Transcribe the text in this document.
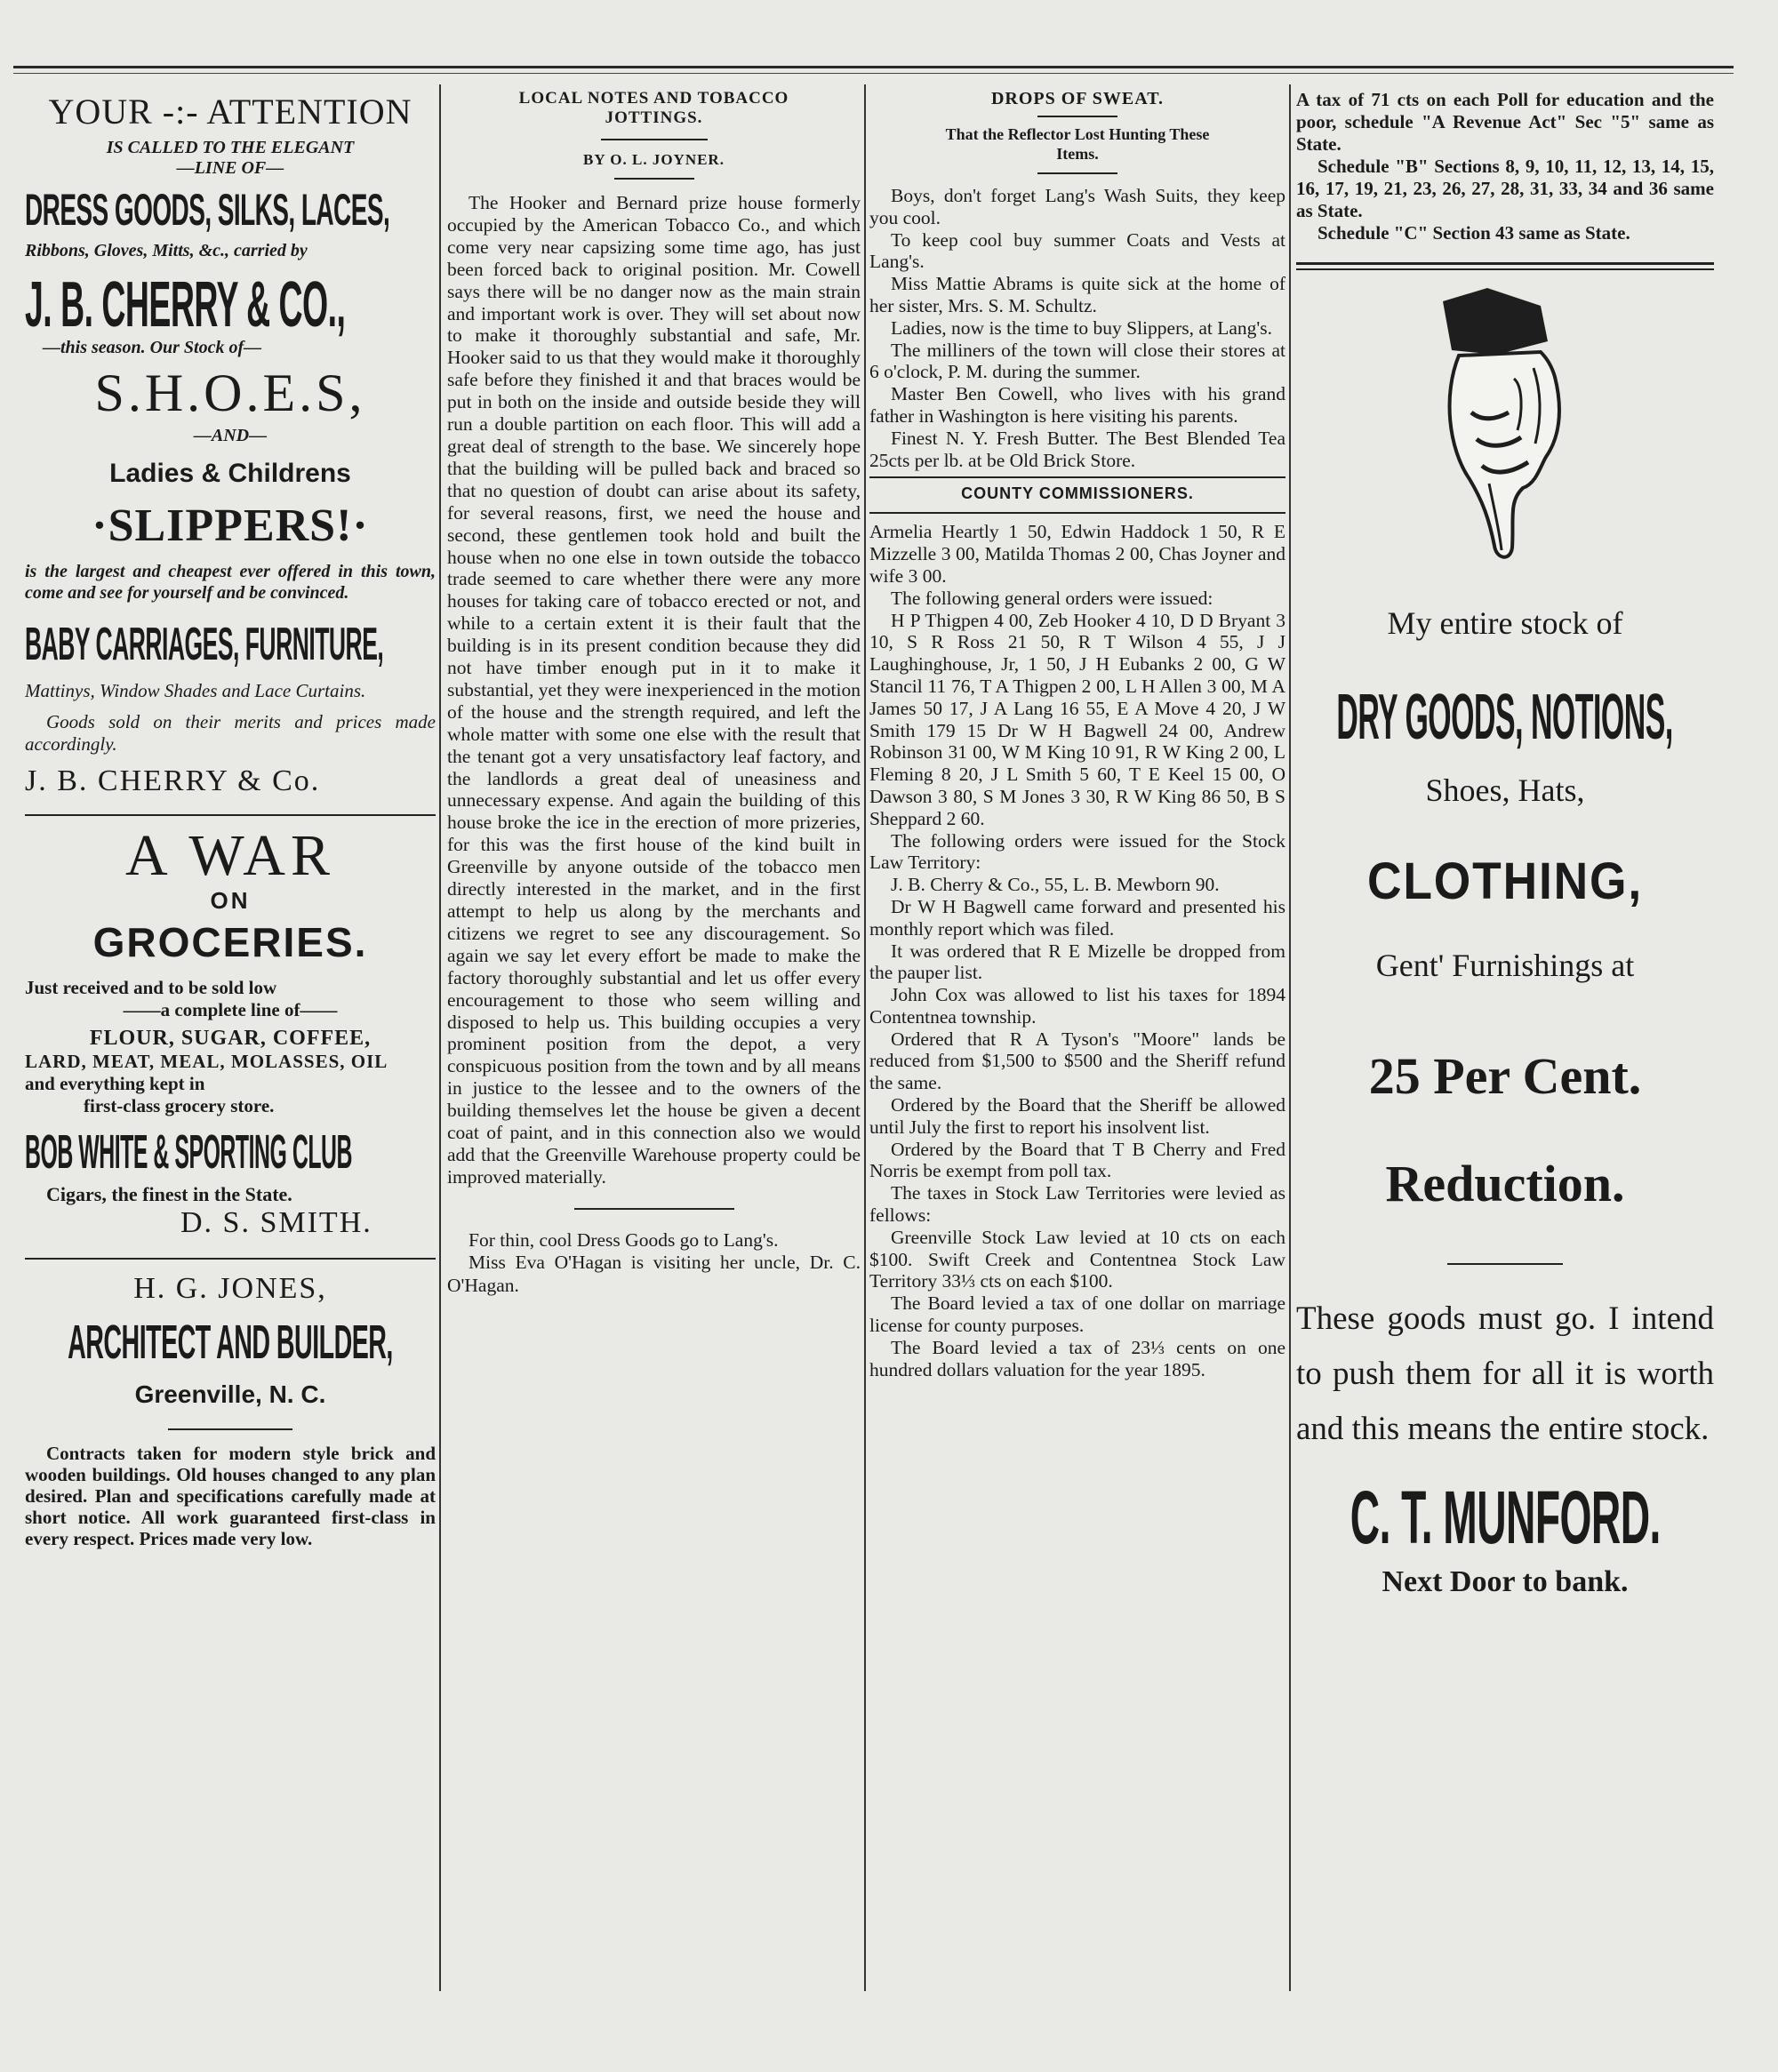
YOUR -:- ATTENTION
IS CALLED TO THE ELEGANT
—LINE OF—
DRESS GOODS, SILKS, LACES,
Ribbons, Gloves, Mitts, &c., carried by
J. B. CHERRY & CO.,
—this season. Our Stock of—
S.H.O.E.S,
—AND—
Ladies & Childrens
·SLIPPERS!·
is the largest and cheapest ever offered in this town, come and see for yourself and be convinced.
BABY CARRIAGES, FURNITURE,
Mattinys, Window Shades and Lace Curtains.
Goods sold on their merits and prices made accordingly.
J. B. CHERRY & Co.
A WAR
ON
GROCERIES.
Just received and to be sold low
——a complete line of——
FLOUR, SUGAR, COFFEE,
LARD, MEAT, MEAL, MOLASSES, OIL
and everything kept in
first-class grocery store.
BOB WHITE & SPORTING CLUB
Cigars, the finest in the State.
D. S. SMITH.
H. G. JONES,
ARCHITECT AND BUILDER,
Greenville, N. C.
Contracts taken for modern style brick and wooden buildings. Old houses changed to any plan desired. Plan and specifications carefully made at short notice. All work guaranteed first-class in every respect. Prices made very low.
LOCAL NOTES AND TOBACCO JOTTINGS.
BY O. L. JOYNER.

The Hooker and Bernard prize house formerly occupied by the American Tobacco Co., and which come very near capsizing some time ago, has just been forced back to original position. Mr. Cowell says there will be no danger now as the main strain and important work is over. They will set about now to make it thoroughly substantial and safe, Mr. Hooker said to us that they would make it thoroughly safe before they finished it and that braces would be put in both on the inside and outside beside they will run a double partition on each floor. This will add a great deal of strength to the base. We sincerely hope that the building will be pulled back and braced so that no question of doubt can arise about its safety, for several reasons, first, we need the house and second, these gentlemen took hold and built the house when no one else in town outside the tobacco trade seemed to care whether there were any more houses for taking care of tobacco erected or not, and while to a certain extent it is their fault that the building is in its present condition because they did not have timber enough put in it to make it substantial, yet they were inexperienced in the motion of the house and the strength required, and left the whole matter with some one else with the result that the tenant got a very unsatisfactory leaf factory, and the landlords a great deal of uneasiness and unnecessary expense. And again the building of this house broke the ice in the erection of more prizeries, for this was the first house of the kind built in Greenville by anyone outside of the tobacco men directly interested in the market, and in the first attempt to help us along by the merchants and citizens we regret to see any discouragement. So again we say let every effort be made to make the factory thoroughly substantial and let us offer every encouragement to those who seem willing and disposed to help us. This building occupies a very prominent position from the depot, a very conspicuous position from the town and by all means in justice to the lessee and to the owners of the building themselves let the house be given a decent coat of paint, and in this connection also we would add that the Greenville Warehouse property could be improved materially.

For thin, cool Dress Goods go to Lang's.

Miss Eva O'Hagan is visiting her uncle, Dr. C. O'Hagan.

DROPS OF SWEAT.
That the Reflector Lost Hunting These Items.

Boys, don't forget Lang's Wash Suits, they keep you cool.

To keep cool buy summer Coats and Vests at Lang's.

Miss Mattie Abrams is quite sick at the home of her sister, Mrs. S. M. Schultz.

Ladies, now is the time to buy Slippers, at Lang's.

The milliners of the town will close their stores at 6 o'clock, P. M. during the summer.

Master Ben Cowell, who lives with his grand father in Washington is here visiting his parents.

Finest N. Y. Fresh Butter. The Best Blended Tea 25cts per lb. at be Old Brick Store.

COUNTY COMMISSIONERS.

Armelia Heartly 1 50, Edwin Haddock 1 50, R E Mizzelle 3 00, Matilda Thomas 2 00, Chas Joyner and wife 3 00.

The following general orders were issued:

H P Thigpen 4 00, Zeb Hooker 4 10, D D Bryant 3 10, S R Ross 21 50, R T Wilson 4 55, J J Laughinghouse, Jr, 1 50, J H Eubanks 2 00, G W Stancil 11 76, T A Thigpen 2 00, L H Allen 3 00, M A James 50 17, J A Lang 16 55, E A Move 4 20, J W Smith 179 15 Dr W H Bagwell 24 00, Andrew Robinson 31 00, W M King 10 91, R W King 2 00, L Fleming 8 20, J L Smith 5 60, T E Keel 15 00, O Dawson 3 80, S M Jones 3 30, R W King 86 50, B S Sheppard 2 60.

The following orders were issued for the Stock Law Territory:

J. B. Cherry & Co., 55, L. B. Mewborn 90.

Dr W H Bagwell came forward and presented his monthly report which was filed.

It was ordered that R E Mizelle be dropped from the pauper list.

John Cox was allowed to list his taxes for 1894 Contentnea township.

Ordered that R A Tyson's "Moore" lands be reduced from $1,500 to $500 and the Sheriff refund the same.

Ordered by the Board that the Sheriff be allowed until July the first to report his insolvent list.

Ordered by the Board that T B Cherry and Fred Norris be exempt from poll tax.

The taxes in Stock Law Territories were levied as fellows:

Greenville Stock Law levied at 10 cts on each $100. Swift Creek and Contentnea Stock Law Territory 33⅓ cts on each $100.

The Board levied a tax of one dollar on marriage license for county purposes.

The Board levied a tax of 23⅓ cents on one hundred dollars valuation for the year 1895.

A tax of 71 cts on each Poll for education and the poor, schedule "A Revenue Act" Sec "5" same as State.

Schedule "B" Sections 8, 9, 10, 11, 12, 13, 14, 15, 16, 17, 19, 21, 23, 26, 27, 28, 31, 33, 34 and 36 same as State.

Schedule "C" Section 43 same as State.

My entire stock of
DRY GOODS, NOTIONS,
Shoes, Hats,
CLOTHING,
Gent' Furnishings at
25 Per Cent.
Reduction.
These goods must go. I intend to push them for all it is worth and this means the entire stock.
C. T. MUNFORD.
Next Door to bank.
